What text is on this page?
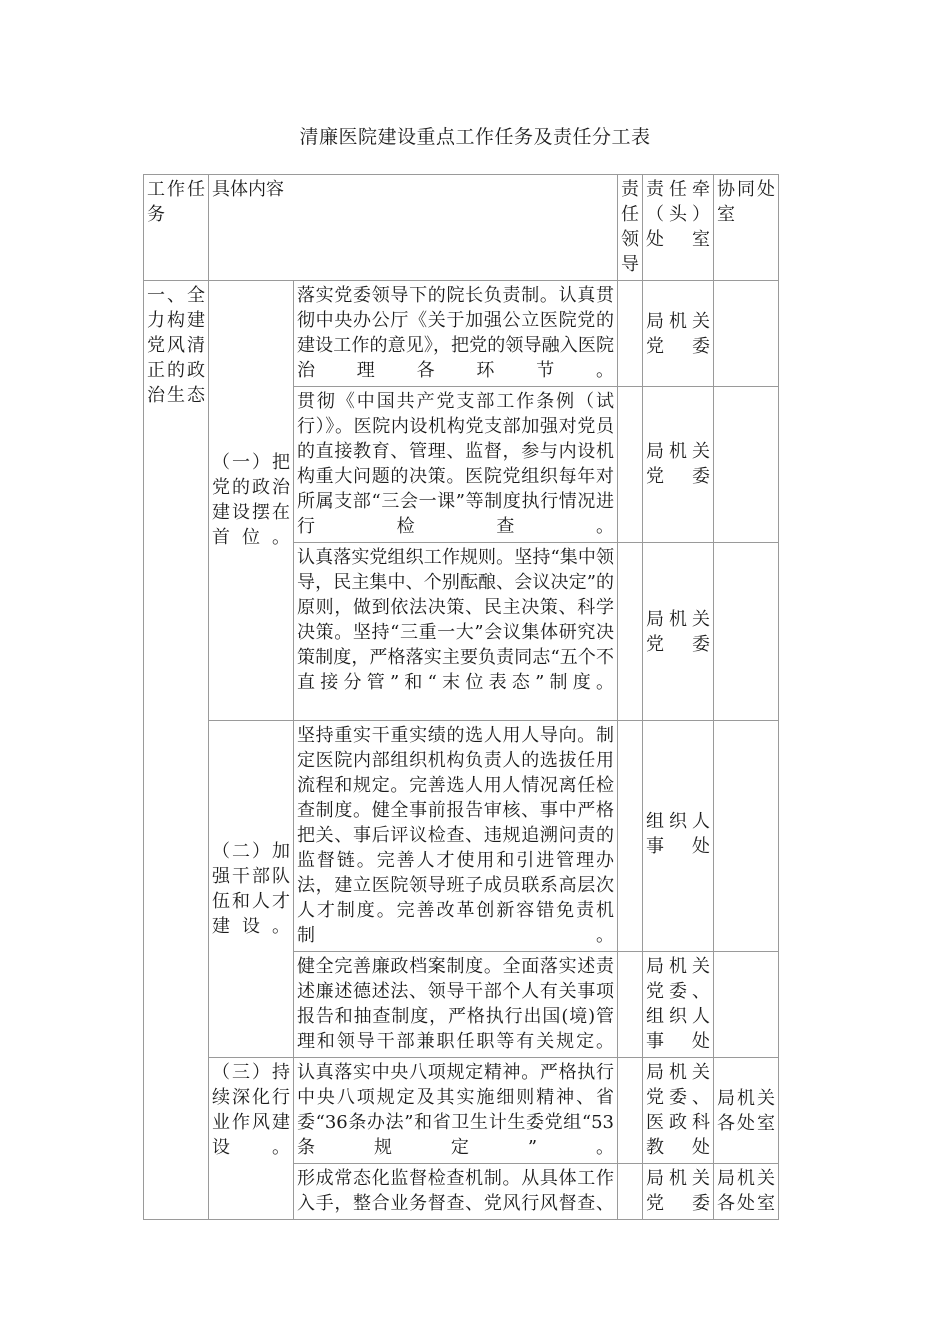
清廉医院建设重点工作任务及责任分工表
工作任务	具体内容		责任领导	责任牵（头）处室	协同处室
一、全力构建党风清正的政治生态	（一）把党的政治建设摆在首位。	落实党委领导下的院长负责制。认真贯彻中央办公厅《关于加强公立医院党的建设工作的意见》，把党的领导融入医院治理各环节。		局机关党委	
		贯彻《中国共产党支部工作条例（试行）》。医院内设机构党支部加强对党员的直接教育、管理、监督，参与内设机构重大问题的决策。医院党组织每年对所属支部“三会一课”等制度执行情况进行检查。		局机关党委	
		认真落实党组织工作规则。坚持“集中领导，民主集中、个别酝酿、会议决定”的原则，做到依法决策、民主决策、科学决策。坚持“三重一大”会议集体研究决策制度，严格落实主要负责同志“五个不直接分管”和“末位表态”制度。		局机关党委	
	（二）加强干部队伍和人才建设。	坚持重实干重实绩的选人用人导向。制定医院内部组织机构负责人的选拔任用流程和规定。完善选人用人情况离任检查制度。健全事前报告审核、事中严格把关、事后评议检查、违规追溯问责的监督链。完善人才使用和引进管理办法，建立医院领导班子成员联系高层次人才制度。完善改革创新容错免责机制。		组织人事处	
		健全完善廉政档案制度。全面落实述责述廉述德述法、领导干部个人有关事项报告和抽查制度，严格执行出国(境)管理和领导干部兼职任职等有关规定。		局机关党委、组织人事处	
	（三）持续深化行业作风建设。	认真落实中央八项规定精神。严格执行中央八项规定及其实施细则精神、省委“36条办法”和省卫生计生委党组“53条规定”。		局机关党委、医政科教处	局机关各处室

		形成常态化监督检查机制。从具体工作入手，整合业务督查、党风行风督查、		局机关党委	局机关各处室
